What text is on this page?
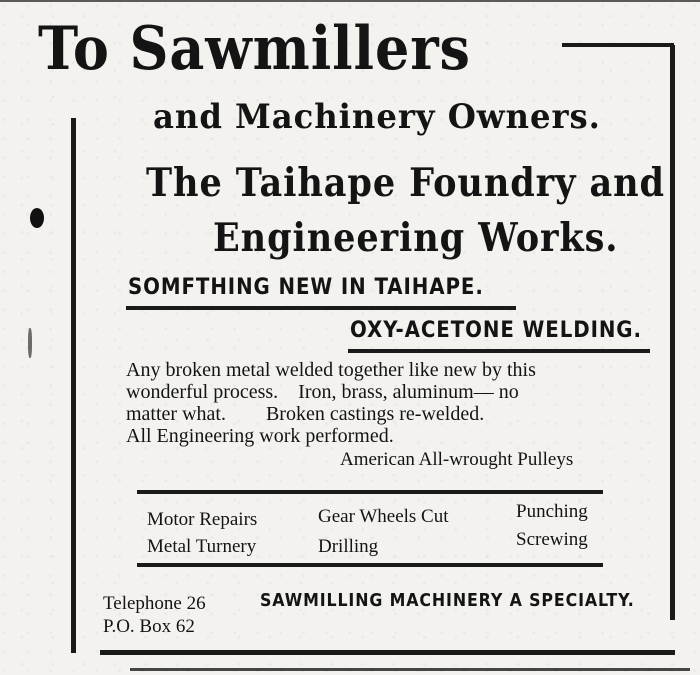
To Sawmillers
and Machinery Owners.
The Taihape Foundry and
Engineering Works.
SOMFTHING NEW IN TAIHAPE.
OXY-ACETONE WELDING.
Any broken metal welded together like new by this
wonderful process.    Iron, brass, aluminum— no
matter what.        Broken castings re-welded.
All Engineering work performed.
American All-wrought Pulleys
Motor Repairs
Metal Turnery
Gear Wheels Cut
Drilling
Punching
Screwing
Telephone 26
P.O. Box 62
SAWMILLING MACHINERY A SPECIALTY.
